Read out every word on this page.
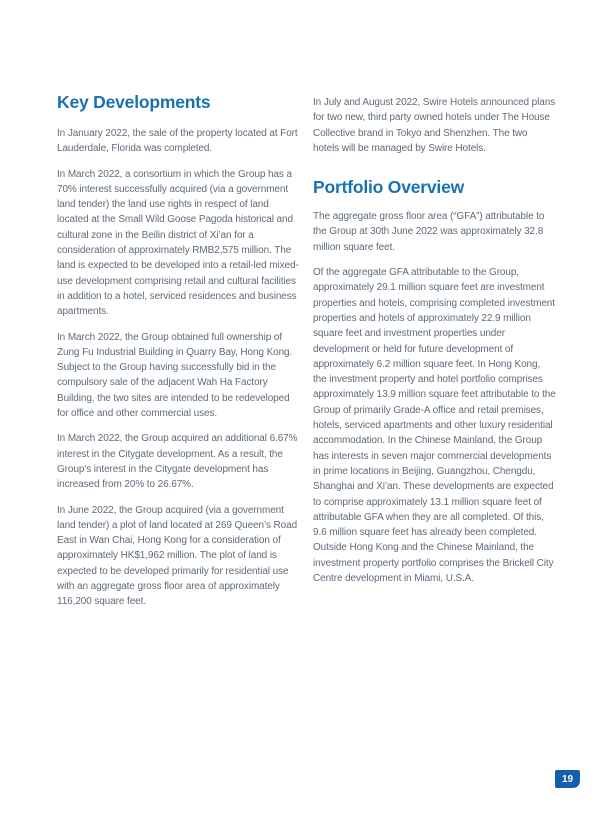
Key Developments

In January 2022, the sale of the property located at Fort Lauderdale, Florida was completed.

In March 2022, a consortium in which the Group has a 70% interest successfully acquired (via a government land tender) the land use rights in respect of land located at the Small Wild Goose Pagoda historical and cultural zone in the Beilin district of Xi’an for a consideration of approximately RMB2,575 million. The land is expected to be developed into a retail-led mixed-use development comprising retail and cultural facilities in addition to a hotel, serviced residences and business apartments.

In March 2022, the Group obtained full ownership of Zung Fu Industrial Building in Quarry Bay, Hong Kong. Subject to the Group having successfully bid in the compulsory sale of the adjacent Wah Ha Factory Building, the two sites are intended to be redeveloped for office and other commercial uses.

In March 2022, the Group acquired an additional 6.67% interest in the Citygate development. As a result, the Group’s interest in the Citygate development has increased from 20% to 26.67%.

In June 2022, the Group acquired (via a government land tender) a plot of land located at 269 Queen’s Road East in Wan Chai, Hong Kong for a consideration of approximately HK$1,962 million. The plot of land is expected to be developed primarily for residential use with an aggregate gross floor area of approximately 116,200 square feet.

In July and August 2022, Swire Hotels announced plans for two new, third party owned hotels under The House Collective brand in Tokyo and Shenzhen. The two hotels will be managed by Swire Hotels.

Portfolio Overview

The aggregate gross floor area (“GFA”) attributable to the Group at 30th June 2022 was approximately 32.8 million square feet.

Of the aggregate GFA attributable to the Group, approximately 29.1 million square feet are investment properties and hotels, comprising completed investment properties and hotels of approximately 22.9 million square feet and investment properties under development or held for future development of approximately 6.2 million square feet. In Hong Kong, the investment property and hotel portfolio comprises approximately 13.9 million square feet attributable to the Group of primarily Grade-A office and retail premises, hotels, serviced apartments and other luxury residential accommodation. In the Chinese Mainland, the Group has interests in seven major commercial developments in prime locations in Beijing, Guangzhou, Chengdu, Shanghai and Xi’an. These developments are expected to comprise approximately 13.1 million square feet of attributable GFA when they are all completed. Of this, 9.6 million square feet has already been completed. Outside Hong Kong and the Chinese Mainland, the investment property portfolio comprises the Brickell City Centre development in Miami, U.S.A.

19
